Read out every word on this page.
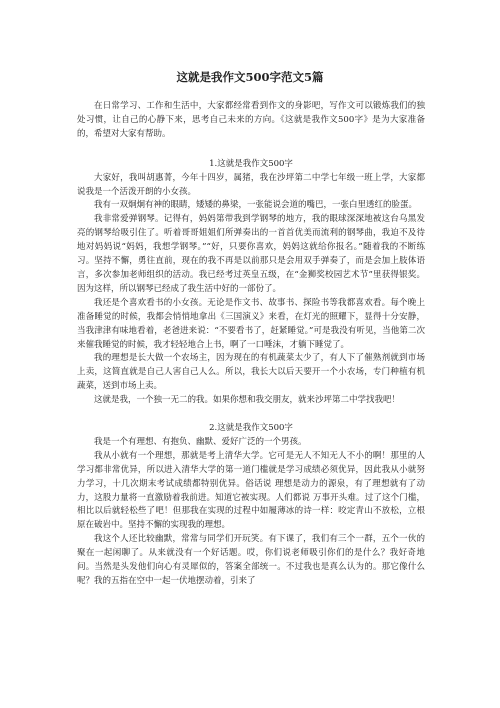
这就是我作文500字范文5篇

在日常学习、工作和生活中，大家都经常看到作文的身影吧，写作文可以锻炼我们的独处习惯，让自己的心静下来，思考自己未来的方向。《这就是我作文500字》是为大家准备的，希望对大家有帮助。

1.这就是我作文500字

大家好，我叫胡惠菁，今年十四岁，属猪，我在沙坪第二中学七年级一班上学，大家都说我是一个活泼开朗的小女孩。

我有一双炯炯有神的眼睛，矮矮的鼻梁，一张能说会道的嘴巴，一张白里透红的脸蛋。

我非常爱弹钢琴。记得有，妈妈第带我到学钢琴的地方，我的眼球深深地被这台乌黑发亮的钢琴给吸引住了。听着哥哥姐姐们所弹奏出的一首首优美而流利的钢琴曲，我迫不及待地对妈妈说“妈妈，我想学钢琴。”“好，只要你喜欢，妈妈这就给你报名。”随着我的不断练习。坚持不懈，勇往直前，现在的我不再是以前那只是会用双手弹奏了，而是会加上肢体语言，多次参加老师组织的活动。我已经考过英皇五级，在“金狮奖校园艺术节”里获得银奖。因为这样，所以钢琴已经成了我生活中好的一部份了。

我还是个喜欢看书的小女孩。无论是作文书、故事书、探险书等我都喜欢看。每个晚上准备睡觉的时候，我都会悄悄地拿出《三国演义》来看，在灯光的照耀下，显得十分安静，当我津津有味地看着，老爸进来说：“不要看书了，赶紧睡觉。”可是我没有听见，当他第二次来催我睡觉的时候，我才轻轻地合上书，啊了一口唾沫，才躺下睡觉了。

我的理想是长大做一个农场主，因为现在的有机蔬菜太少了，有人下了催熟剂就到市场上卖，这简直就是自己人害自己人么。所以，我长大以后天要开一个小农场，专门种植有机蔬菜，送到市场上卖。

这就是我，一个独一无二的我。如果你想和我交朋友，就来沙坪第二中学找我吧！

2.这就是我作文500字

我是一个有理想、有抱负、幽默、爱好广泛的一个男孩。

我从小就有一个理想，那就是考上清华大学。它可是无人不知无人不小的啊！那里的人学习都非常优异，所以进入清华大学的第一道门槛就是学习成绩必须优异，因此我从小就努力学习，十几次期末考试成绩都特别优异。俗话说 理想是动力的源泉，有了理想就有了动力，这股力量将一直激励着我前进。知道它被实现。人们都说 万事开头难。过了这个门槛，相比以后就轻松些了吧！但那我在实现的过程中如履薄冰的诗一样：咬定青山不放松，立根原在破岩中。坚持不懈的实现我的理想。

我这个人还比较幽默，常常与同学们开玩笑。有下课了，我们有三个一群，五个一伙的聚在一起闲聊了。从来就没有一个好话题。哎，你们说老师吸引你们的是什么？我好奇地问。当然是头发他们向心有灵犀似的，答案全部统一。不过我也是真么认为的。那它像什么呢？我的五指在空中一起一伏地摆动着，引来了
